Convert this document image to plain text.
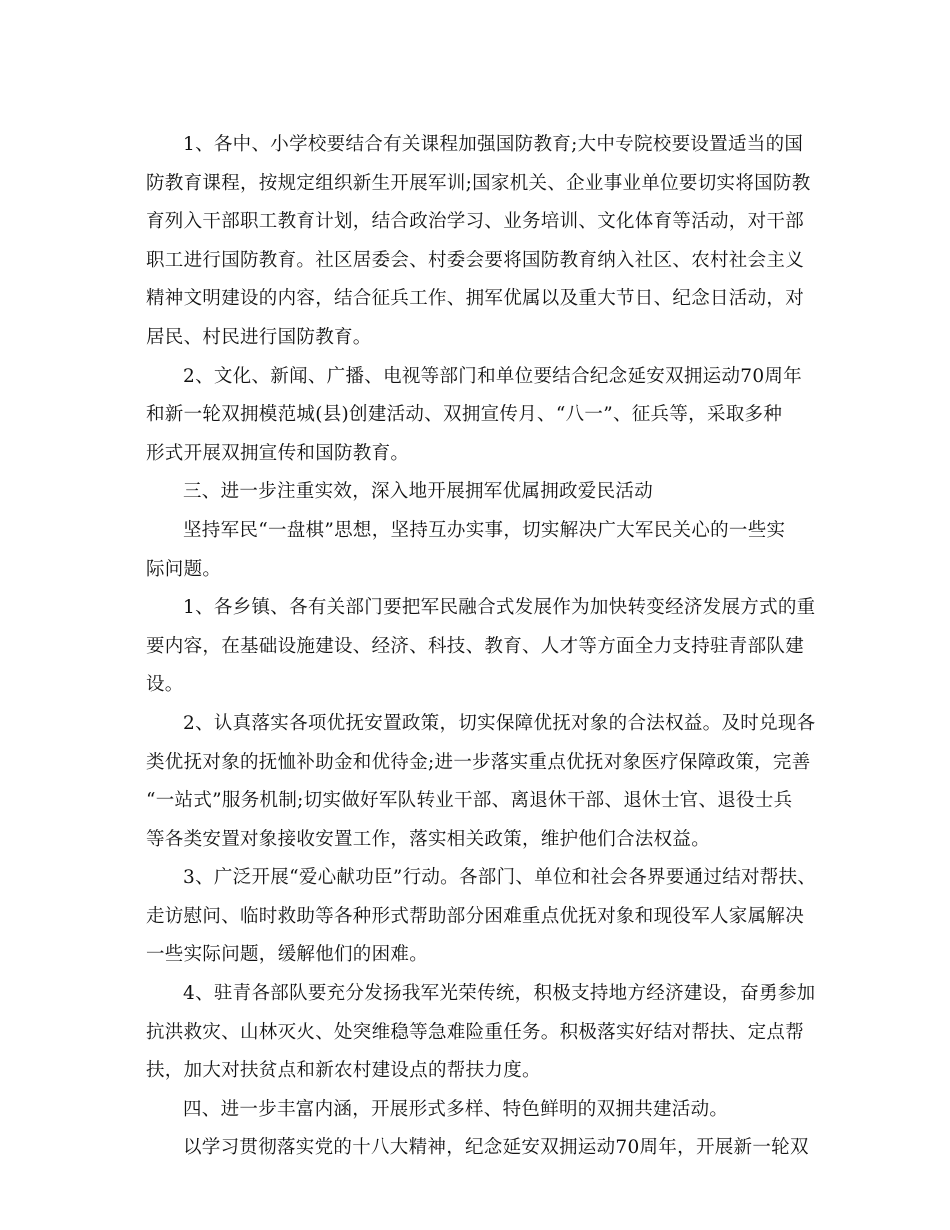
1、各中、小学校要结合有关课程加强国防教育;大中专院校要设置适当的国
防教育课程，按规定组织新生开展军训;国家机关、企业事业单位要切实将国防教
育列入干部职工教育计划，结合政治学习、业务培训、文化体育等活动，对干部
职工进行国防教育。社区居委会、村委会要将国防教育纳入社区、农村社会主义
精神文明建设的内容，结合征兵工作、拥军优属以及重大节日、纪念日活动，对
居民、村民进行国防教育。
2、文化、新闻、广播、电视等部门和单位要结合纪念延安双拥运动70周年
和新一轮双拥模范城(县)创建活动、双拥宣传月、“八一”、征兵等，采取多种
形式开展双拥宣传和国防教育。
三、进一步注重实效，深入地开展拥军优属拥政爱民活动
坚持军民“一盘棋”思想，坚持互办实事，切实解决广大军民关心的一些实
际问题。
1、各乡镇、各有关部门要把军民融合式发展作为加快转变经济发展方式的重
要内容，在基础设施建设、经济、科技、教育、人才等方面全力支持驻青部队建
设。
2、认真落实各项优抚安置政策，切实保障优抚对象的合法权益。及时兑现各
类优抚对象的抚恤补助金和优待金;进一步落实重点优抚对象医疗保障政策，完善
“一站式”服务机制;切实做好军队转业干部、离退休干部、退休士官、退役士兵
等各类安置对象接收安置工作，落实相关政策，维护他们合法权益。
3、广泛开展“爱心献功臣”行动。各部门、单位和社会各界要通过结对帮扶、
走访慰问、临时救助等各种形式帮助部分困难重点优抚对象和现役军人家属解决
一些实际问题，缓解他们的困难。
4、驻青各部队要充分发扬我军光荣传统，积极支持地方经济建设，奋勇参加
抗洪救灾、山林灭火、处突维稳等急难险重任务。积极落实好结对帮扶、定点帮
扶，加大对扶贫点和新农村建设点的帮扶力度。
四、进一步丰富内涵，开展形式多样、特色鲜明的双拥共建活动。
以学习贯彻落实党的十八大精神，纪念延安双拥运动70周年，开展新一轮双
